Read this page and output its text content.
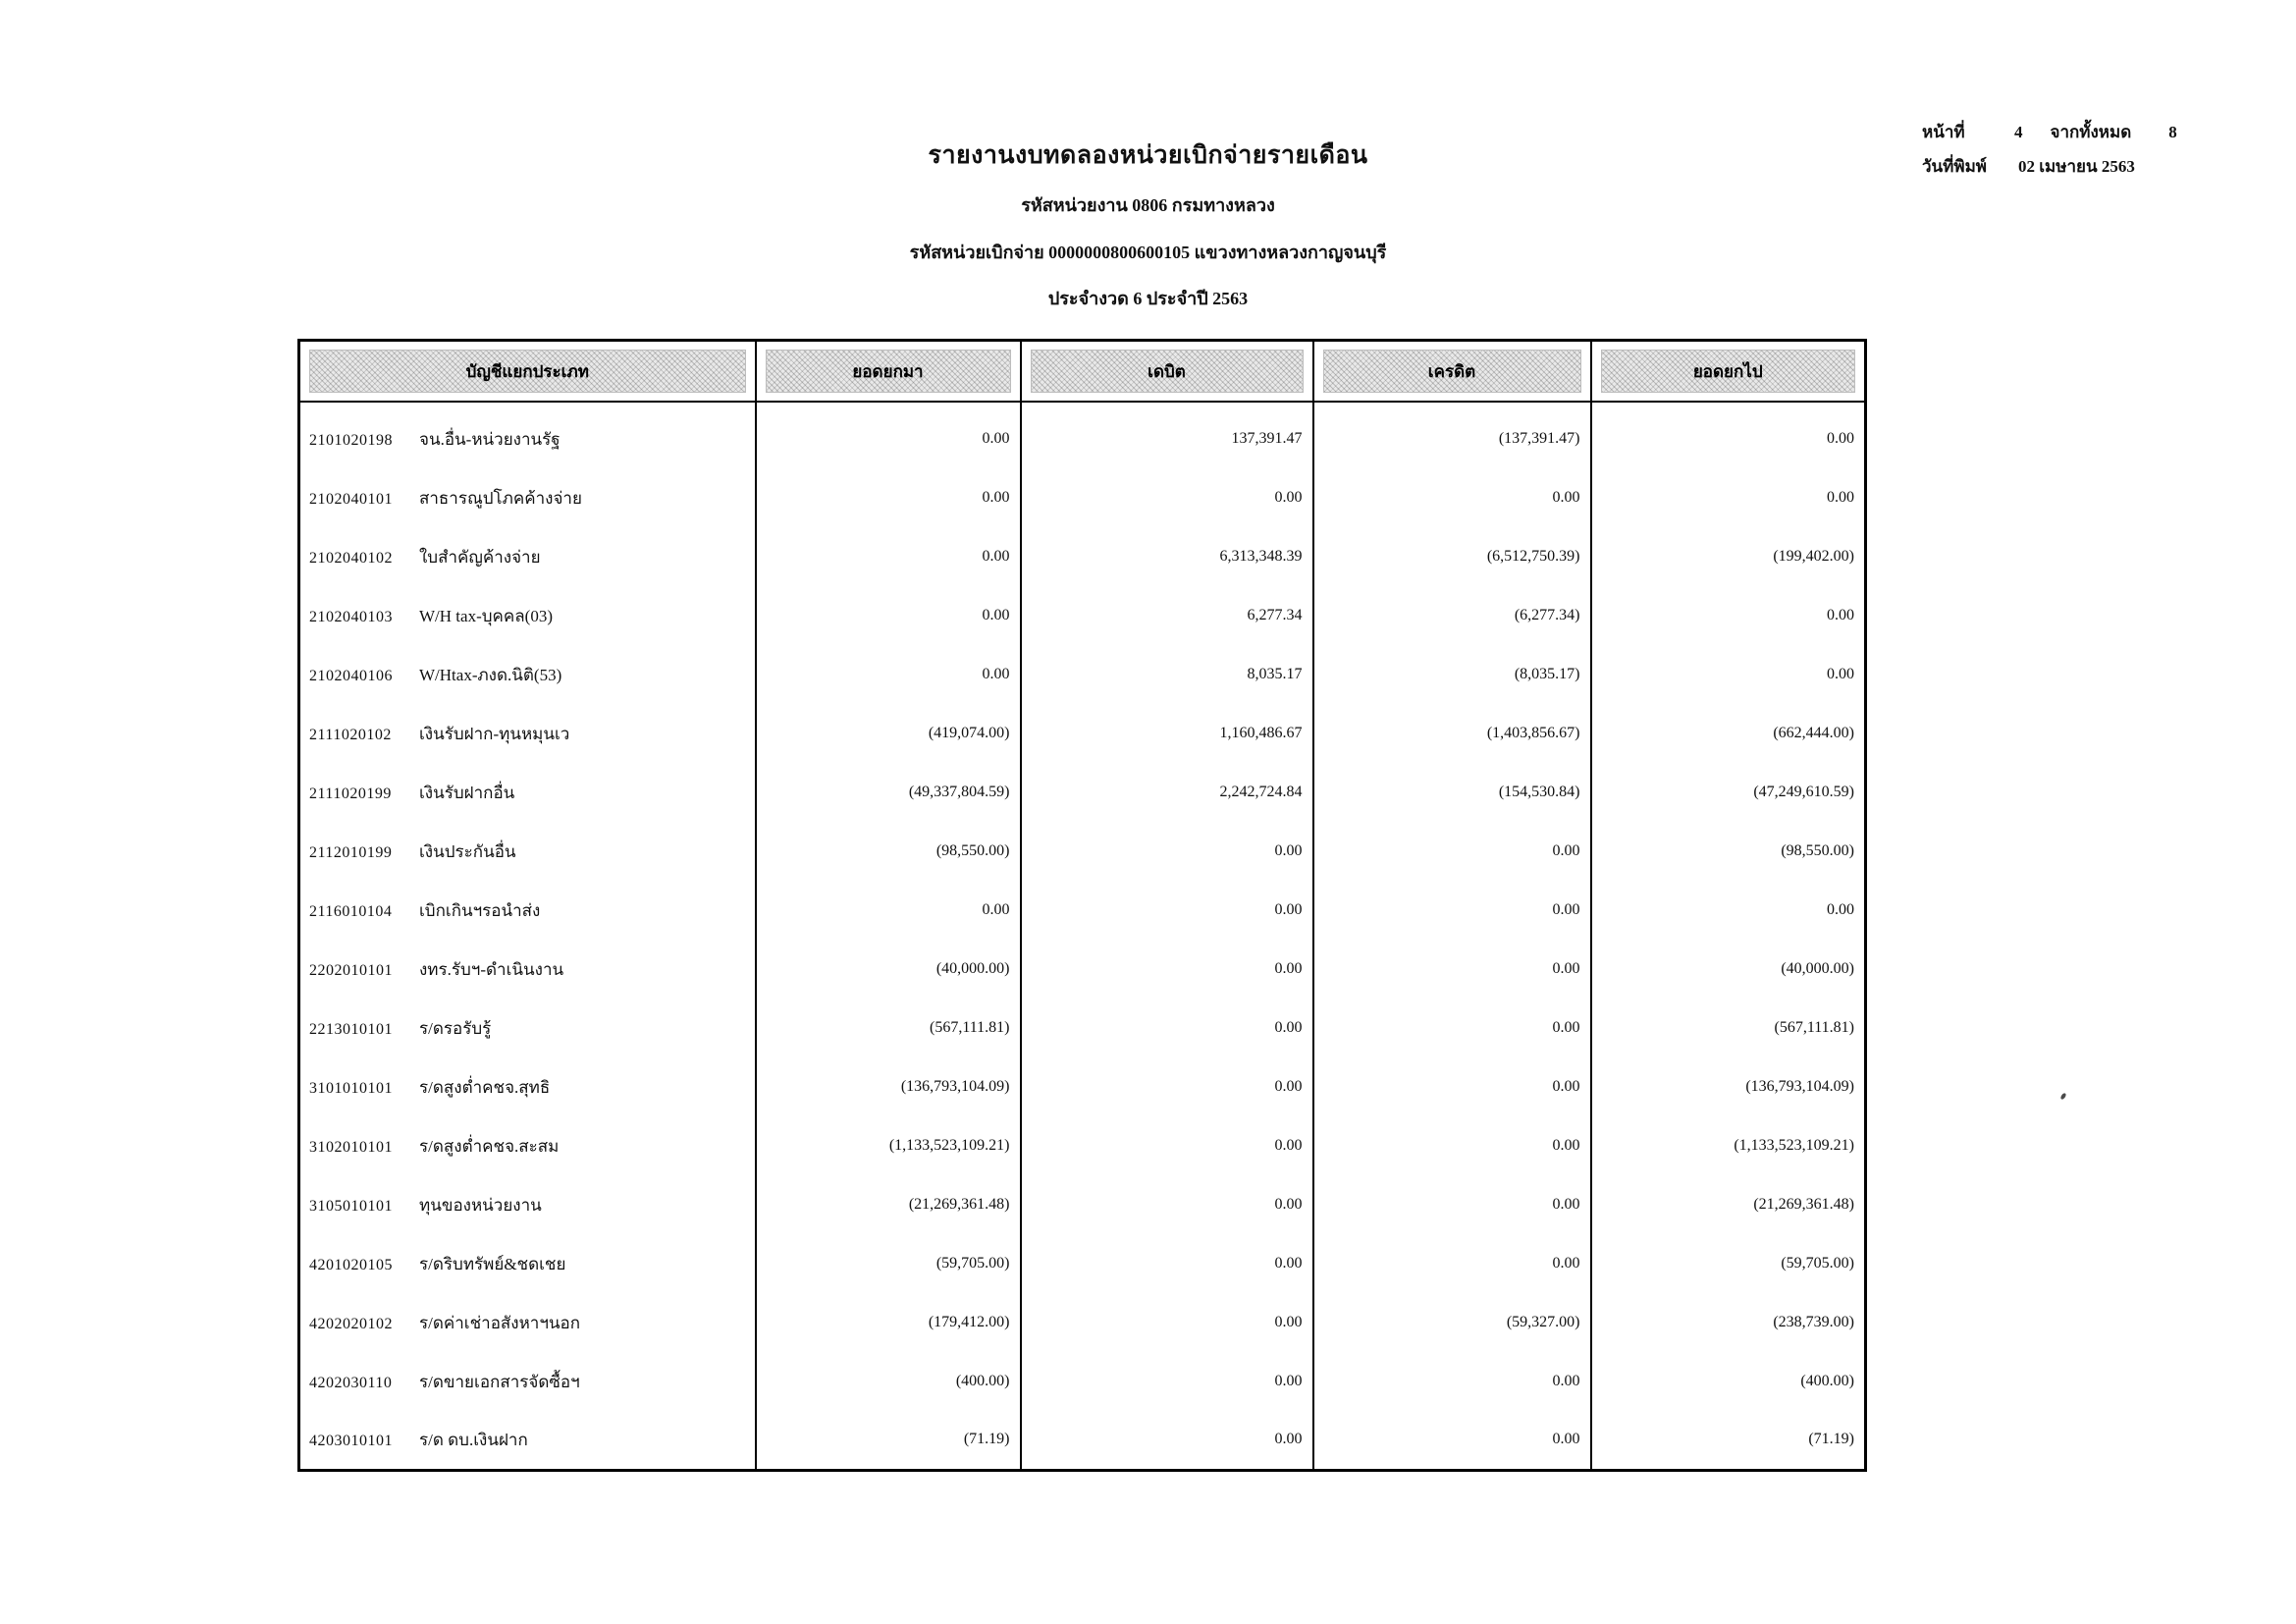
หน้าที่	4 จากทั้งหมด 8
วันที่พิมพ์	02 เมษายน 2563
รายงานงบทดลองหน่วยเบิกจ่ายรายเดือน
รหัสหน่วยงาน 0806 กรมทางหลวง
รหัสหน่วยเบิกจ่าย 0000000800600105 แขวงทางหลวงกาญจนบุรี
ประจำงวด 6 ประจำปี 2563
บัญชีแยกประเภท	ยอดยกมา	เดบิต	เครดิต	ยอดยกไป

2101020198 จน.อื่น-หน่วยงานรัฐ	0.00	137,391.47	(137,391.47)	0.00
2102040101 สาธารณูปโภคค้างจ่าย	0.00	0.00	0.00	0.00
2102040102 ใบสำคัญค้างจ่าย	0.00	6,313,348.39	(6,512,750.39)	(199,402.00)
2102040103 W/H tax-บุคคล(03)	0.00	6,277.34	(6,277.34)	0.00
2102040106 W/Htax-ภงด.นิติ(53)	0.00	8,035.17	(8,035.17)	0.00
2111020102 เงินรับฝาก-ทุนหมุนเว	(419,074.00)	1,160,486.67	(1,403,856.67)	(662,444.00)
2111020199 เงินรับฝากอื่น	(49,337,804.59)	2,242,724.84	(154,530.84)	(47,249,610.59)
2112010199 เงินประกันอื่น	(98,550.00)	0.00	0.00	(98,550.00)
2116010104 เบิกเกินฯรอนำส่ง	0.00	0.00	0.00	0.00
2202010101 งทร.รับฯ-ดำเนินงาน	(40,000.00)	0.00	0.00	(40,000.00)
2213010101 ร/ดรอรับรู้	(567,111.81)	0.00	0.00	(567,111.81)
3101010101 ร/ดสูงต่ำคชจ.สุทธิ	(136,793,104.09)	0.00	0.00	(136,793,104.09)
3102010101 ร/ดสูงต่ำคชจ.สะสม	(1,133,523,109.21)	0.00	0.00	(1,133,523,109.21)
3105010101 ทุนของหน่วยงาน	(21,269,361.48)	0.00	0.00	(21,269,361.48)
4201020105 ร/ดริบทรัพย์&ชดเชย	(59,705.00)	0.00	0.00	(59,705.00)
4202020102 ร/ดค่าเช่าอสังหาฯนอก	(179,412.00)	0.00	(59,327.00)	(238,739.00)
4202030110 ร/ดขายเอกสารจัดซื้อฯ	(400.00)	0.00	0.00	(400.00)
4203010101 ร/ด ดบ.เงินฝาก	(71.19)	0.00	0.00	(71.19)
